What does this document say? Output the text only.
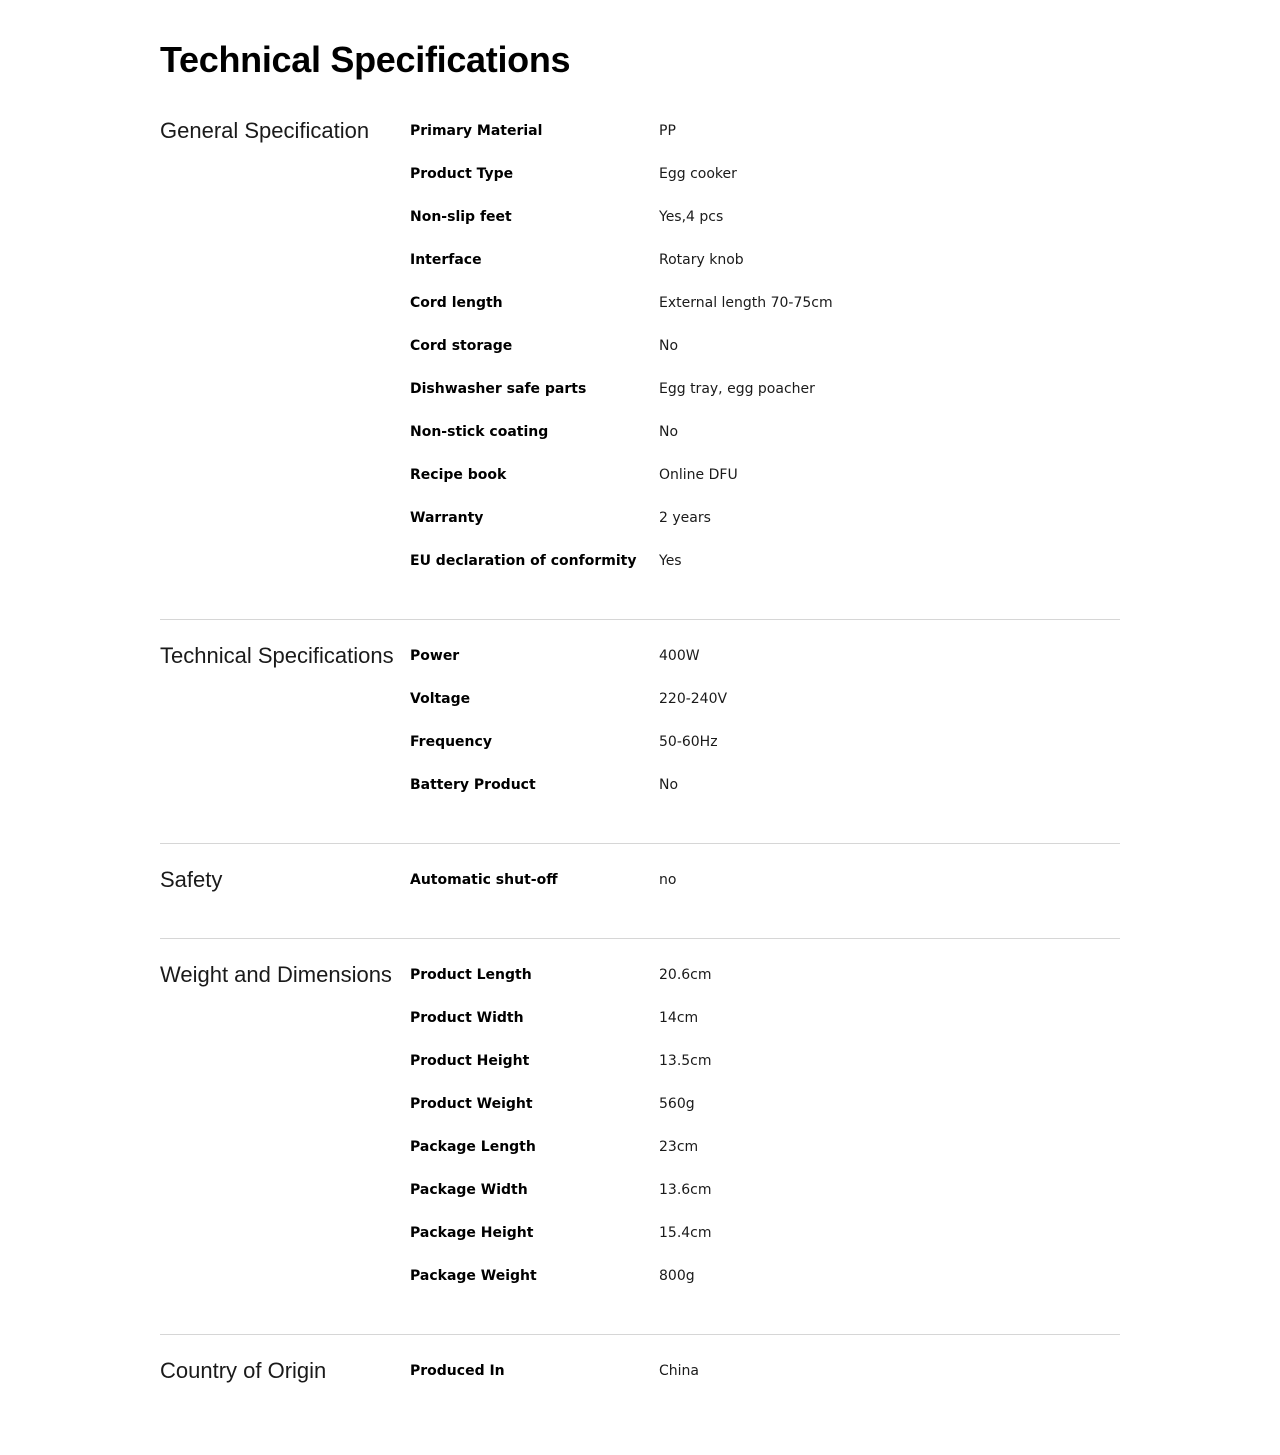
Technical Specifications
General Specification	Primary Material	PP
Product Type	Egg cooker
Non-slip feet	Yes,4 pcs
Interface	Rotary knob
Cord length	External length 70-75cm
Cord storage	No
Dishwasher safe parts	Egg tray, egg poacher
Non-stick coating	No
Recipe book	Online DFU
Warranty	2 years
EU declaration of conformity	Yes
Technical Specifications	Power	400W
Voltage	220-240V
Frequency	50-60Hz
Battery Product	No
Safety	Automatic shut-off	no
Weight and Dimensions	Product Length	20.6cm
Product Width	14cm
Product Height	13.5cm
Product Weight	560g
Package Length	23cm
Package Width	13.6cm
Package Height	15.4cm
Package Weight	800g
Country of Origin	Produced In	China
